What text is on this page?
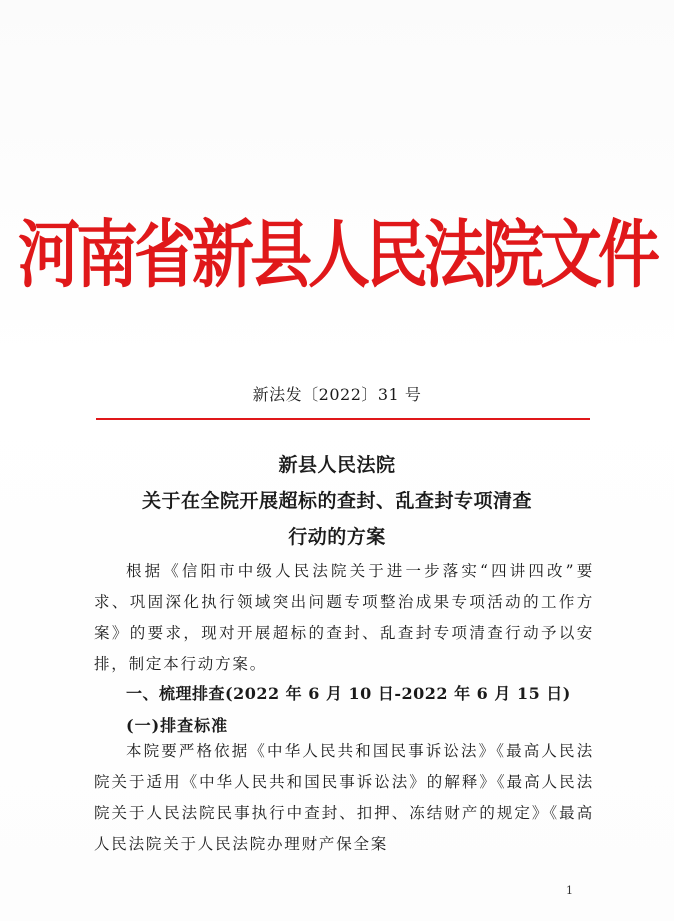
河南省新县人民法院文件
新法发〔2022〕31 号
新县人民法院
关于在全院开展超标的查封、乱查封专项清查
行动的方案
根据《信阳市中级人民法院关于进一步落实“四讲四改”要求、巩固深化执行领域突出问题专项整治成果专项活动的工作方案》的要求，现对开展超标的查封、乱查封专项清查行动予以安排，制定本行动方案。
一、梳理排查(2022 年 6 月 10 日-2022 年 6 月 15 日)
(一)排查标准
本院要严格依据《中华人民共和国民事诉讼法》《最高人民法院关于适用《中华人民共和国民事诉讼法》的解释》《最高人民法院关于人民法院民事执行中查封、扣押、冻结财产的规定》《最高人民法院关于人民法院办理财产保全案
1
